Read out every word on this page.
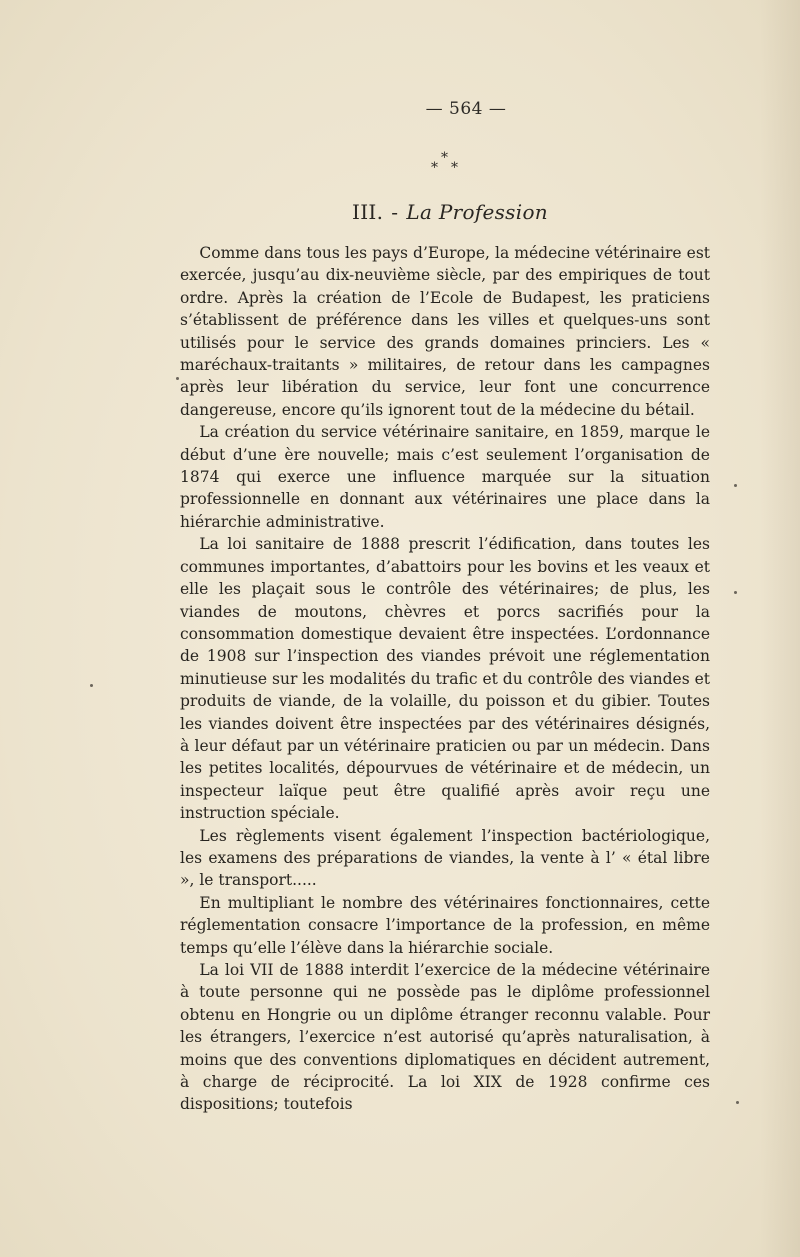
— 564 —
*
* *
III. - La Profession

Comme dans tous les pays d’Europe, la médecine vétérinaire est exercée, jusqu’au dix-neuvième siècle, par des empiriques de tout ordre. Après la création de l’Ecole de Budapest, les praticiens s’établissent de préférence dans les villes et quelques-uns sont utilisés pour le service des grands domaines princiers. Les « maréchaux-traitants » militaires, de retour dans les campagnes après leur libération du service, leur font une concurrence dangereuse, encore qu’ils ignorent tout de la médecine du bétail.

La création du service vétérinaire sanitaire, en 1859, marque le début d’une ère nouvelle; mais c’est seulement l’organisation de 1874 qui exerce une influence marquée sur la situation professionnelle en donnant aux vétérinaires une place dans la hiérarchie administrative.

La loi sanitaire de 1888 prescrit l’édification, dans toutes les communes importantes, d’abattoirs pour les bovins et les veaux et elle les plaçait sous le contrôle des vétérinaires; de plus, les viandes de moutons, chèvres et porcs sacrifiés pour la consommation domestique devaient être inspectées. L’ordonnance de 1908 sur l’inspection des viandes prévoit une réglementation minutieuse sur les modalités du trafic et du contrôle des viandes et produits de viande, de la volaille, du poisson et du gibier. Toutes les viandes doivent être inspectées par des vétérinaires désignés, à leur défaut par un vétérinaire praticien ou par un médecin. Dans les petites localités, dépourvues de vétérinaire et de médecin, un inspecteur laïque peut être qualifié après avoir reçu une instruction spéciale.

Les règlements visent également l’inspection bactériologique, les examens des préparations de viandes, la vente à l’ « étal libre », le transport.....

En multipliant le nombre des vétérinaires fonctionnaires, cette réglementation consacre l’importance de la profession, en même temps qu’elle l’élève dans la hiérarchie sociale.

La loi VII de 1888 interdit l’exercice de la médecine vétérinaire à toute personne qui ne possède pas le diplôme professionnel obtenu en Hongrie ou un diplôme étranger reconnu valable. Pour les étrangers, l’exercice n’est autorisé qu’après naturalisation, à moins que des conventions diplomatiques en décident autrement, à charge de réciprocité. La loi XIX de 1928 confirme ces dispositions; toutefois
